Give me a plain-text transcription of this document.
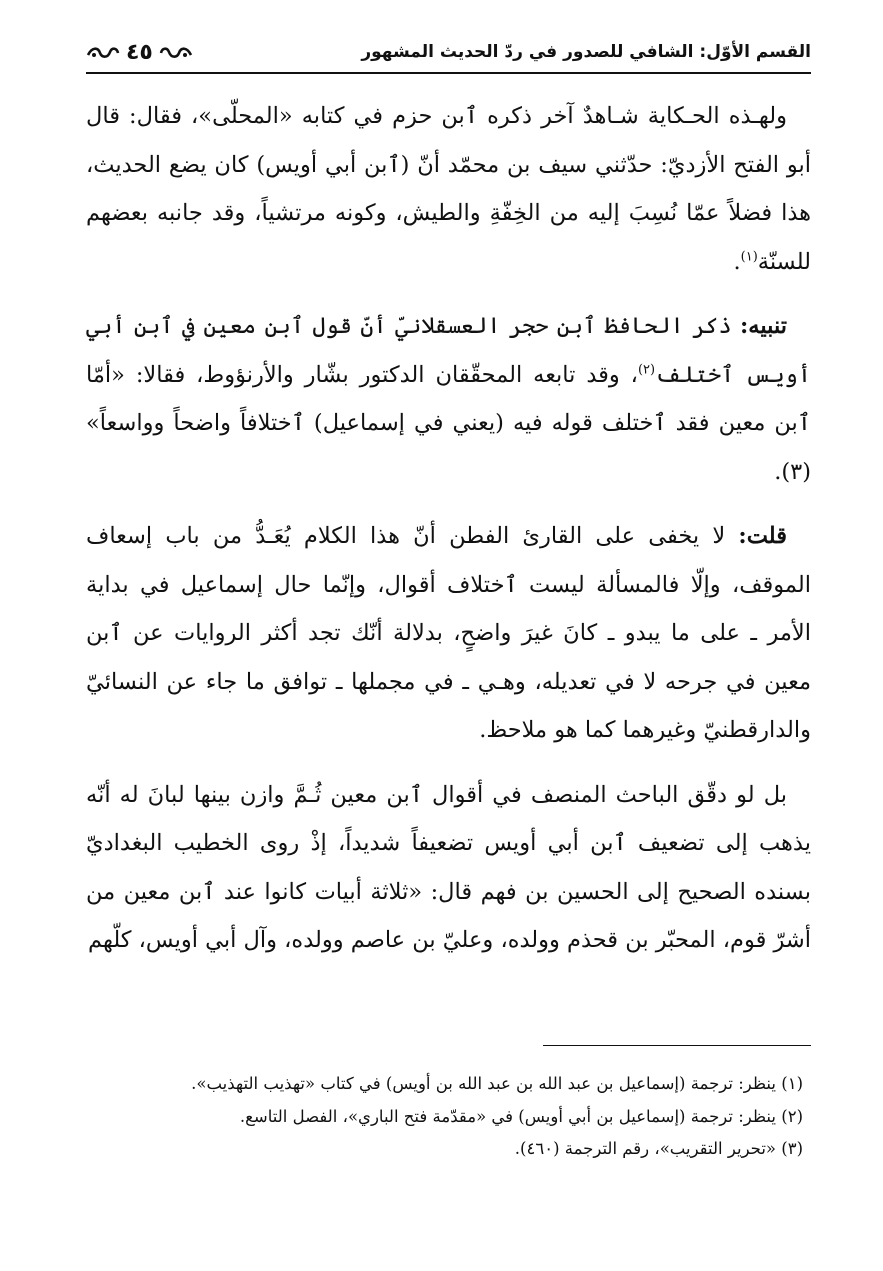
القسم الأوّل: الشافي للصدور في ردّ الحديث المشهور
٤٥

ولهـذه الحـكاية شـاهدٌ آخر ذكره ٱبن حزم في كتابه «المحلّى»، فقال: قال أبو الفتح الأزديّ: حدّثني سيف بن محمّد أنّ (ٱبن أبي أويس) كان يضع الحديث، هذا فضلاً عمّا نُسِبَ إليه من الخِفّةِ والطيش، وكونه مرتشياً، وقد جانبه بعضهم للسنّة$^{(١)}$.

تنبيه: ذكر الحافظ ٱبن حجر العسقلانيّ أنّ قول ٱبن معين في ٱبن أبي أويس ٱختلف$^{(٢)}$، وقد تابعه المحقّقان الدكتور بشّار والأرنؤوط، فقالا: «أمّا ٱبن معين فقد ٱختلف قوله فيه (يعني في إسماعيل) ٱختلافاً واضحاً وواسعاً» (٣).

قلت: لا يخفى على القارئ الفطن أنّ هذا الكلام يُعَـدُّ من باب إسعاف الموقف، وإلّا فالمسألة ليست ٱختلاف أقوال، وإنّما حال إسماعيل في بداية الأمر ـ على ما يبدو ـ كانَ غيرَ واضحٍ، بدلالة أنّك تجد أكثر الروايات عن ٱبن معين في جرحه لا في تعديله، وهـي ـ في مجملها ـ توافق ما جاء عن النسائيّ والدارقطنيّ وغيرهما كما هو ملاحظ.

بل لو دقّق الباحث المنصف في أقوال ٱبن معين ثُـمَّ وازن بينها لبانَ له أنّه يذهب إلى تضعيف ٱبن أبي أويس تضعيفاً شديداً، إذْ روى الخطيب البغداديّ بسنده الصحيح إلى الحسين بن فهم قال: «ثلاثة أبيات كانوا عند ٱبن معين من أشرّ قوم، المحبّر بن قحذم وولده، وعليّ بن عاصم وولده، وآل أبي أويس، كلّهم

(١) ينظر: ترجمة (إسماعيل بن عبد الله بن عبد الله بن أويس) في كتاب «تهذيب التهذيب».

(٢) ينظر: ترجمة (إسماعيل بن أبي أويس) في «مقدّمة فتح الباري»، الفصل التاسع.

(٣) «تحرير التقريب»، رقم الترجمة (٤٦٠).
